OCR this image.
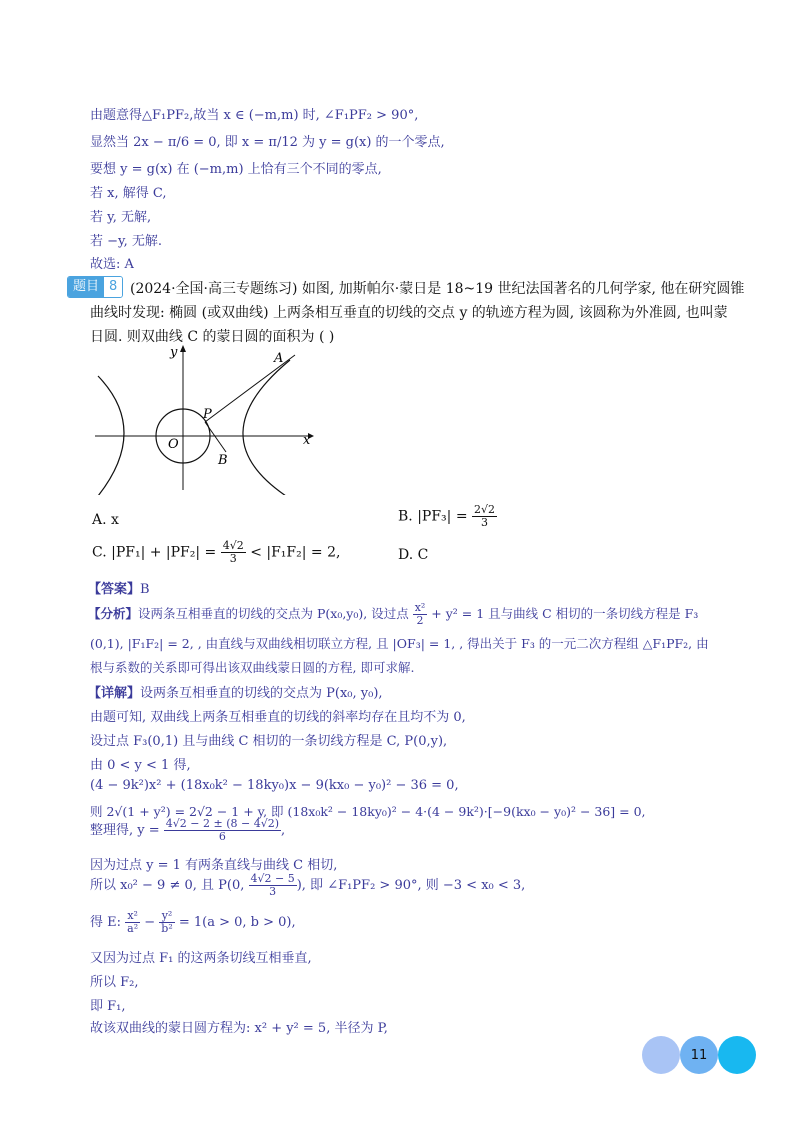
由题意得△F₁PF₂,故当 x ∈ (−m,m) 时, ∠F₁PF₂ > 90°,
显然当 2x − π/6 = 0, 即 x = π/12 为 y = g(x) 的一个零点,
要想 y = g(x) 在 (−m,m) 上恰有三个不同的零点,
若 x, 解得 C,
若 y, 无解,
若 −y, 无解.
故选: A
题目 8 (2024·全国·高三专题练习) 如图, 加斯帕尔·蒙日是 18~19 世纪法国著名的几何学家, 他在研究圆锥
曲线时发现: 椭圆 (或双曲线) 上两条相互垂直的切线的交点 y 的轨迹方程为圆, 该圆称为外准圆, 也叫蒙
日圆. 则双曲线 C 的蒙日圆的面积为 ( )
y
x
O
A
P
B
A. x	B. $|PF_3| = \frac{2√2}{3}$
C. $|PF_1| + |PF_2| = \frac{4√2}{3} < |F_1F_2| = 2$,	D. C
【答案】B
【分析】设两条互相垂直的切线的交点为 P(x₀,y₀), 设过点 $\frac{\text{x²}}{2} + y^2 = 1$ 且与曲线 C 相切的一条切线方程是 F₃
(0,1), |F₁F₂| = 2, , 由直线与双曲线相切联立方程, 且 |OF₃| = 1, , 得出关于 F₃ 的一元二次方程组 △F₁PF₂, 由
根与系数的关系即可得出该双曲线蒙日圆的方程, 即可求解.
【详解】设两条互相垂直的切线的交点为 P(x₀, y₀),
由题可知, 双曲线上两条互相垂直的切线的斜率均存在且均不为 0,
设过点 F₃(0,1) 且与曲线 C 相切的一条切线方程是 C, P(0,y),
由 0 < y < 1 得,
(4 − 9k²)x² + (18x₀k² − 18ky₀)x − 9(kx₀ − y₀)² − 36 = 0,
则 2√(1 + y²) = 2√2 − 1 + y, 即 (18x₀k² − 18ky₀)² − 4·(4 − 9k²)·[−9(kx₀ − y₀)² − 36] = 0,
整理得, $y = \frac{4√2 - 2 \pm (8 - 4√2)}{6}$ ,
因为过点 y = 1 有两条直线与曲线 C 相切,
所以 x₀² − 9 ≠ 0, 且 P(0, $\frac{4√2 - 5}{3}$ ), 即 ∠F₁PF₂ > 90°, 则 −3 < x₀ < 3,
得 E: $\frac{\text{x²}}{\text{a²}} - \frac{\text{y²}}{\text{b²}} = 1(a > 0$, b > 0),
又因为过点 F₁ 的这两条切线互相垂直,
所以 F₂,
即 F₁,
故该双曲线的蒙日圆方程为: x² + y² = 5, 半径为 P,
11
